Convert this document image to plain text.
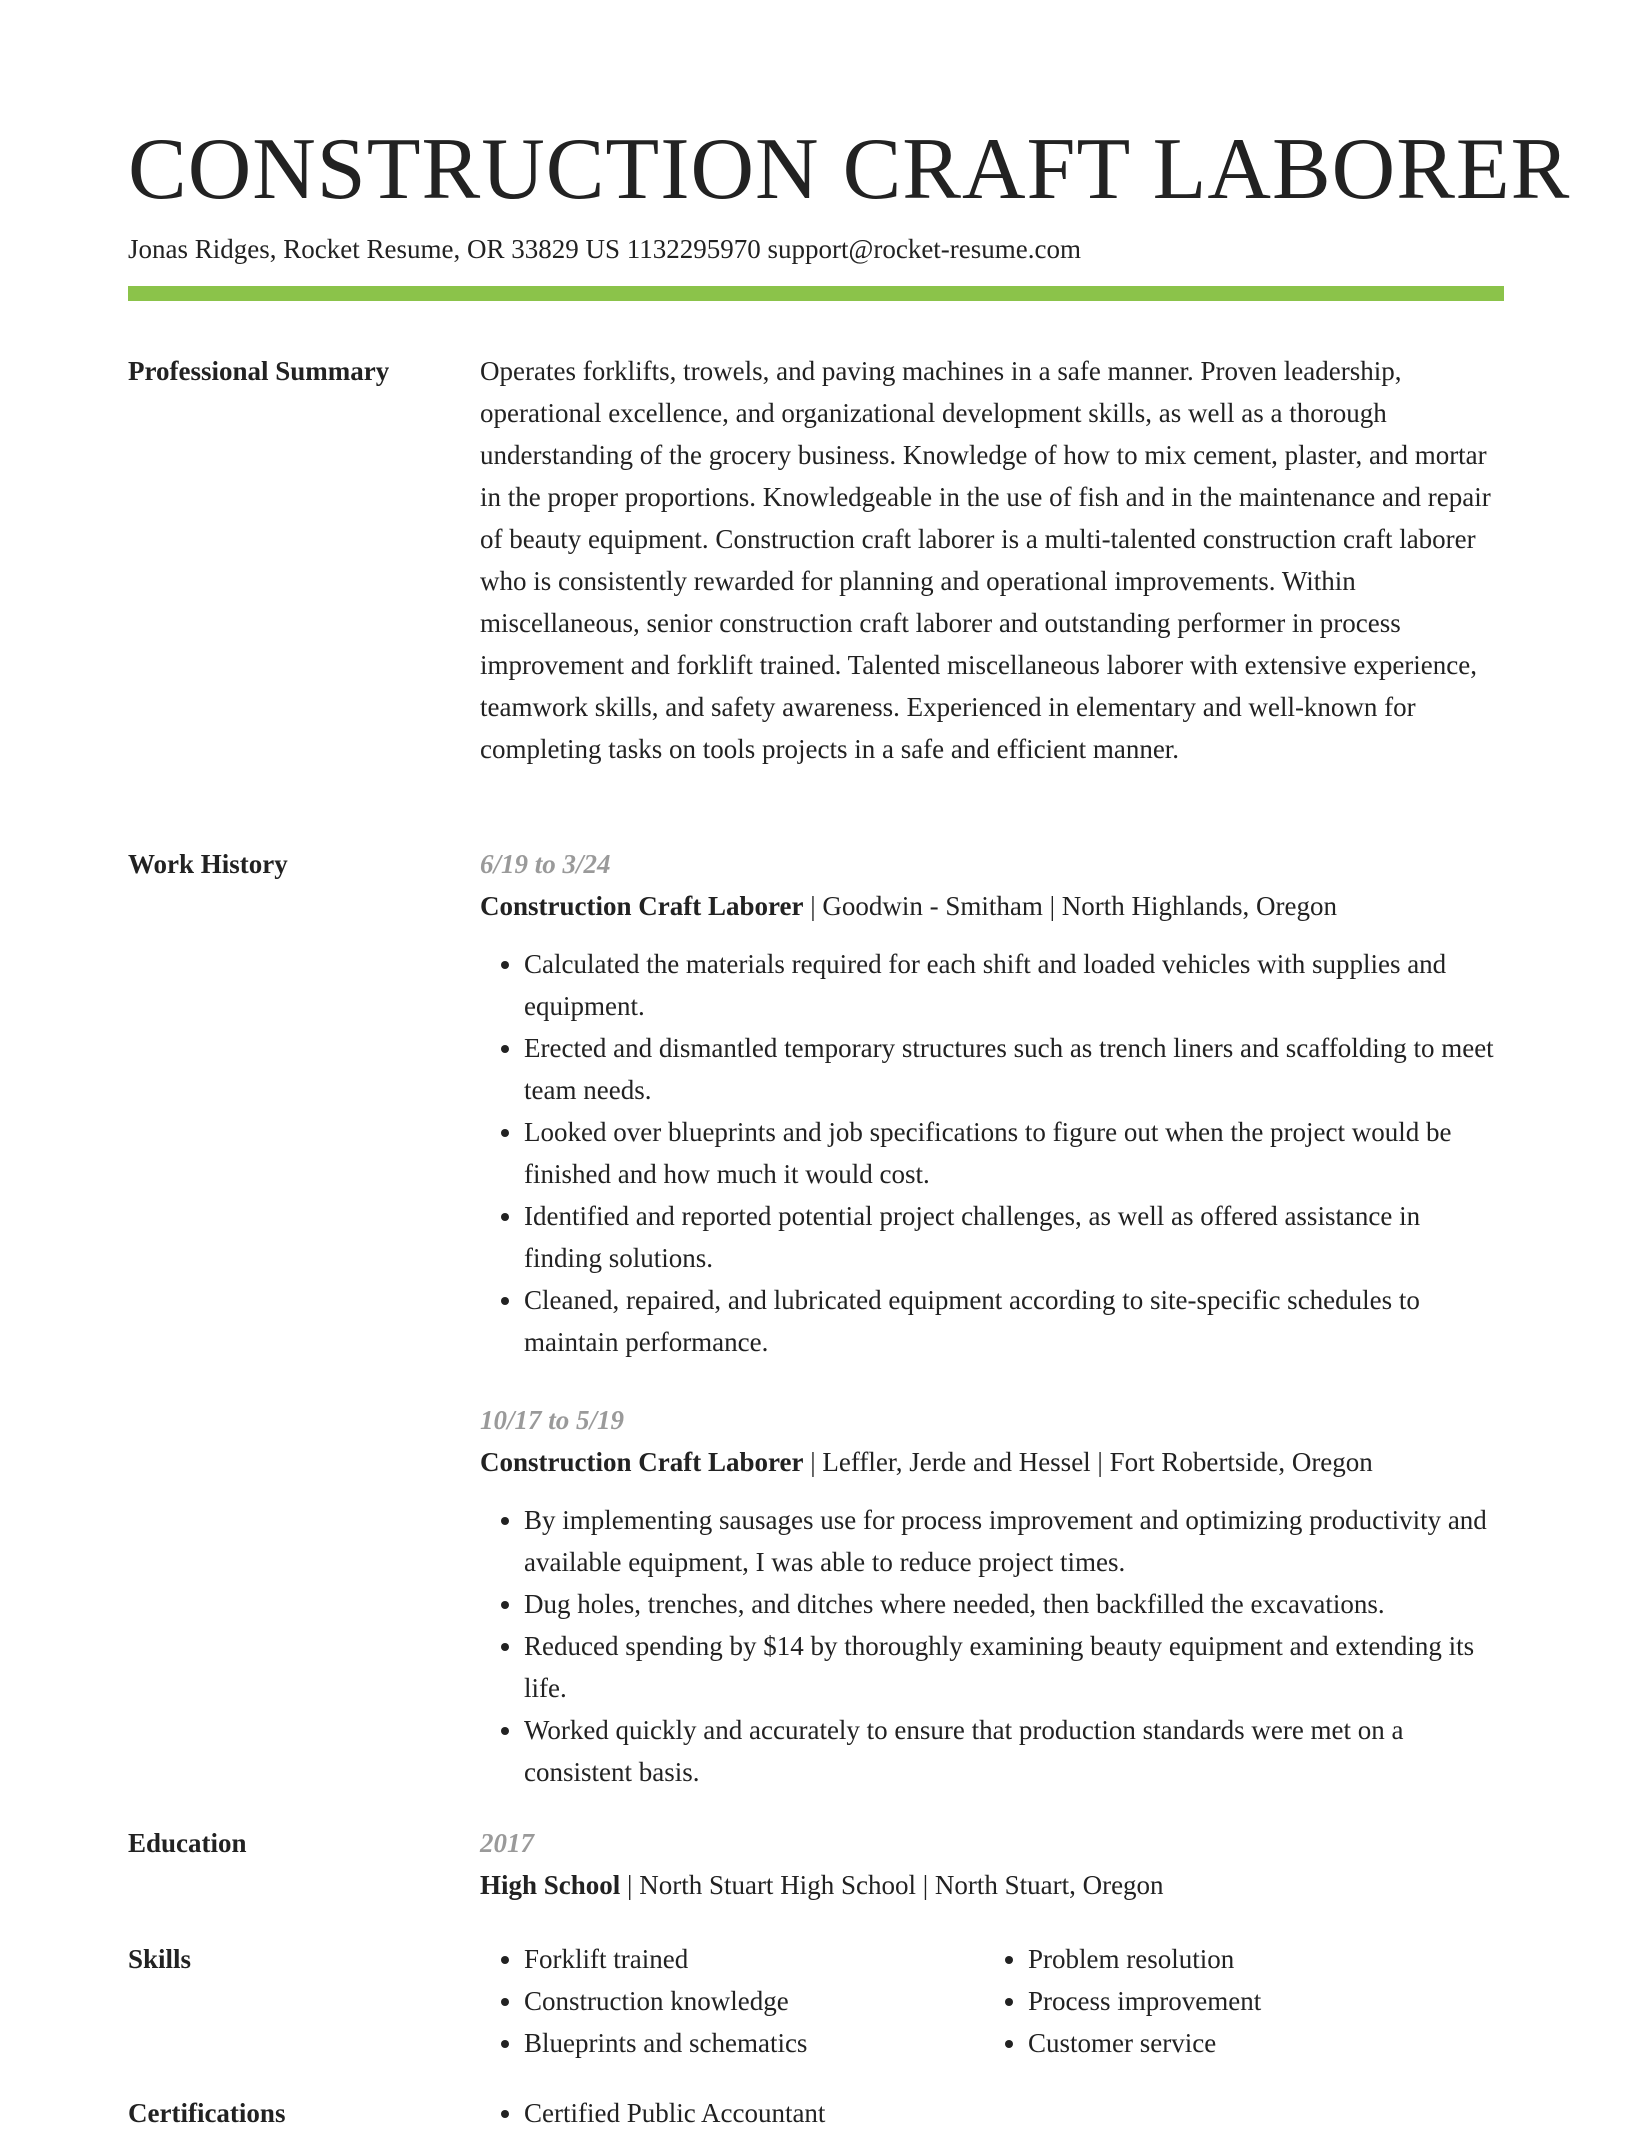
CONSTRUCTION CRAFT LABORER
Jonas Ridges, Rocket Resume, OR 33829 US 1132295970 support@rocket-resume.com
Professional Summary	Operates forklifts, trowels, and paving machines in a safe manner. Proven leadership, operational excellence, and organizational development skills, as well as a thorough understanding of the grocery business. Knowledge of how to mix cement, plaster, and mortar in the proper proportions. Knowledgeable in the use of fish and in the maintenance and repair of beauty equipment. Construction craft laborer is a multi-talented construction craft laborer who is consistently rewarded for planning and operational improvements. Within miscellaneous, senior construction craft laborer and outstanding performer in process improvement and forklift trained. Talented miscellaneous laborer with extensive experience, teamwork skills, and safety awareness. Experienced in elementary and well-known for completing tasks on tools projects in a safe and efficient manner.

Work History	6/19 to 3/24
Construction Craft Laborer | Goodwin - Smitham | North Highlands, Oregon
• Calculated the materials required for each shift and loaded vehicles with supplies and equipment.
• Erected and dismantled temporary structures such as trench liners and scaffolding to meet team needs.
• Looked over blueprints and job specifications to figure out when the project would be finished and how much it would cost.
• Identified and reported potential project challenges, as well as offered assistance in finding solutions.
• Cleaned, repaired, and lubricated equipment according to site-specific schedules to maintain performance.
10/17 to 5/19
Construction Craft Laborer | Leffler, Jerde and Hessel | Fort Robertside, Oregon
• By implementing sausages use for process improvement and optimizing productivity and available equipment, I was able to reduce project times.
• Dug holes, trenches, and ditches where needed, then backfilled the excavations.
• Reduced spending by $14 by thoroughly examining beauty equipment and extending its life.
• Worked quickly and accurately to ensure that production standards were met on a consistent basis.
Education	2017
High School | North Stuart High School | North Stuart, Oregon
Skills	• Forklift trained
• Construction knowledge
• Blueprints and schematics
• Problem resolution
• Process improvement
• Customer service
Certifications	• Certified Public Accountant
